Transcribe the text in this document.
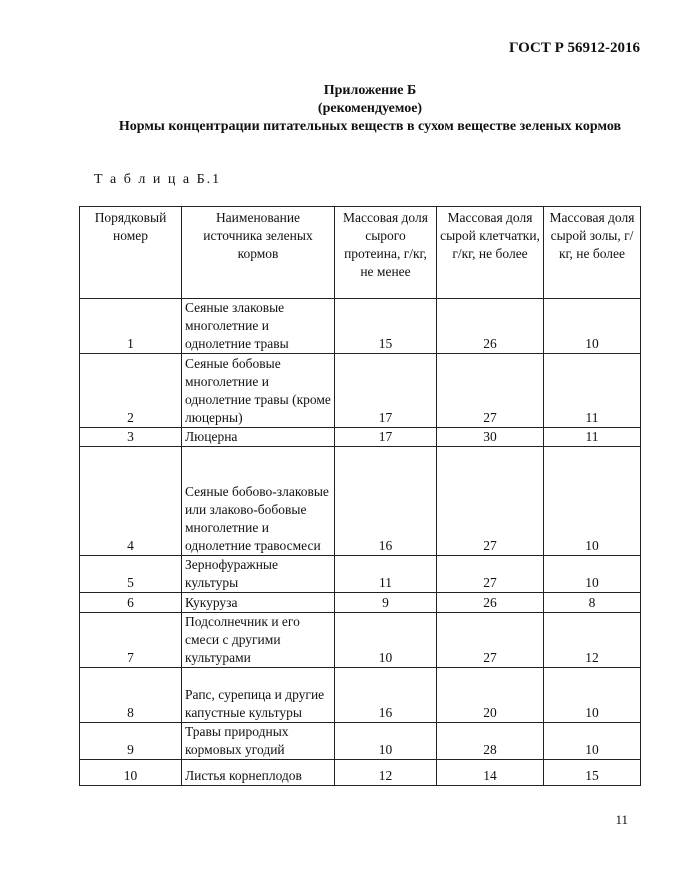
ГОСТ Р 56912-2016
Приложение Б
(рекомендуемое)
Нормы концентрации питательных веществ в сухом веществе зеленых кормов
Т а б л и ц а Б.1
Порядковый номер	Наименование источника зеленых кормов	Массовая доля сырого протеина, г/кг, не менее	Массовая доля сырой клетчатки, г/кг, не более	Массовая доля сырой золы, г/кг, не более
1	Сеяные злаковые многолетние и однолетние травы	15	26	10
2	Сеяные бобовые многолетние и однолетние травы (кроме люцерны)	17	27	11
3	Люцерна	17	30	11
4	Сеяные бобово-злаковые или злаково-бобовые многолетние и однолетние травосмеси	16	27	10
5	Зернофуражные культуры	11	27	10
6	Кукуруза	9	26	8
7	Подсолнечник и его смеси с другими культурами	10	27	12
8	Рапс, сурепица и другие капустные культуры	16	20	10
9	Травы природных кормовых угодий	10	28	10
10	Листья корнеплодов	12	14	15
11
